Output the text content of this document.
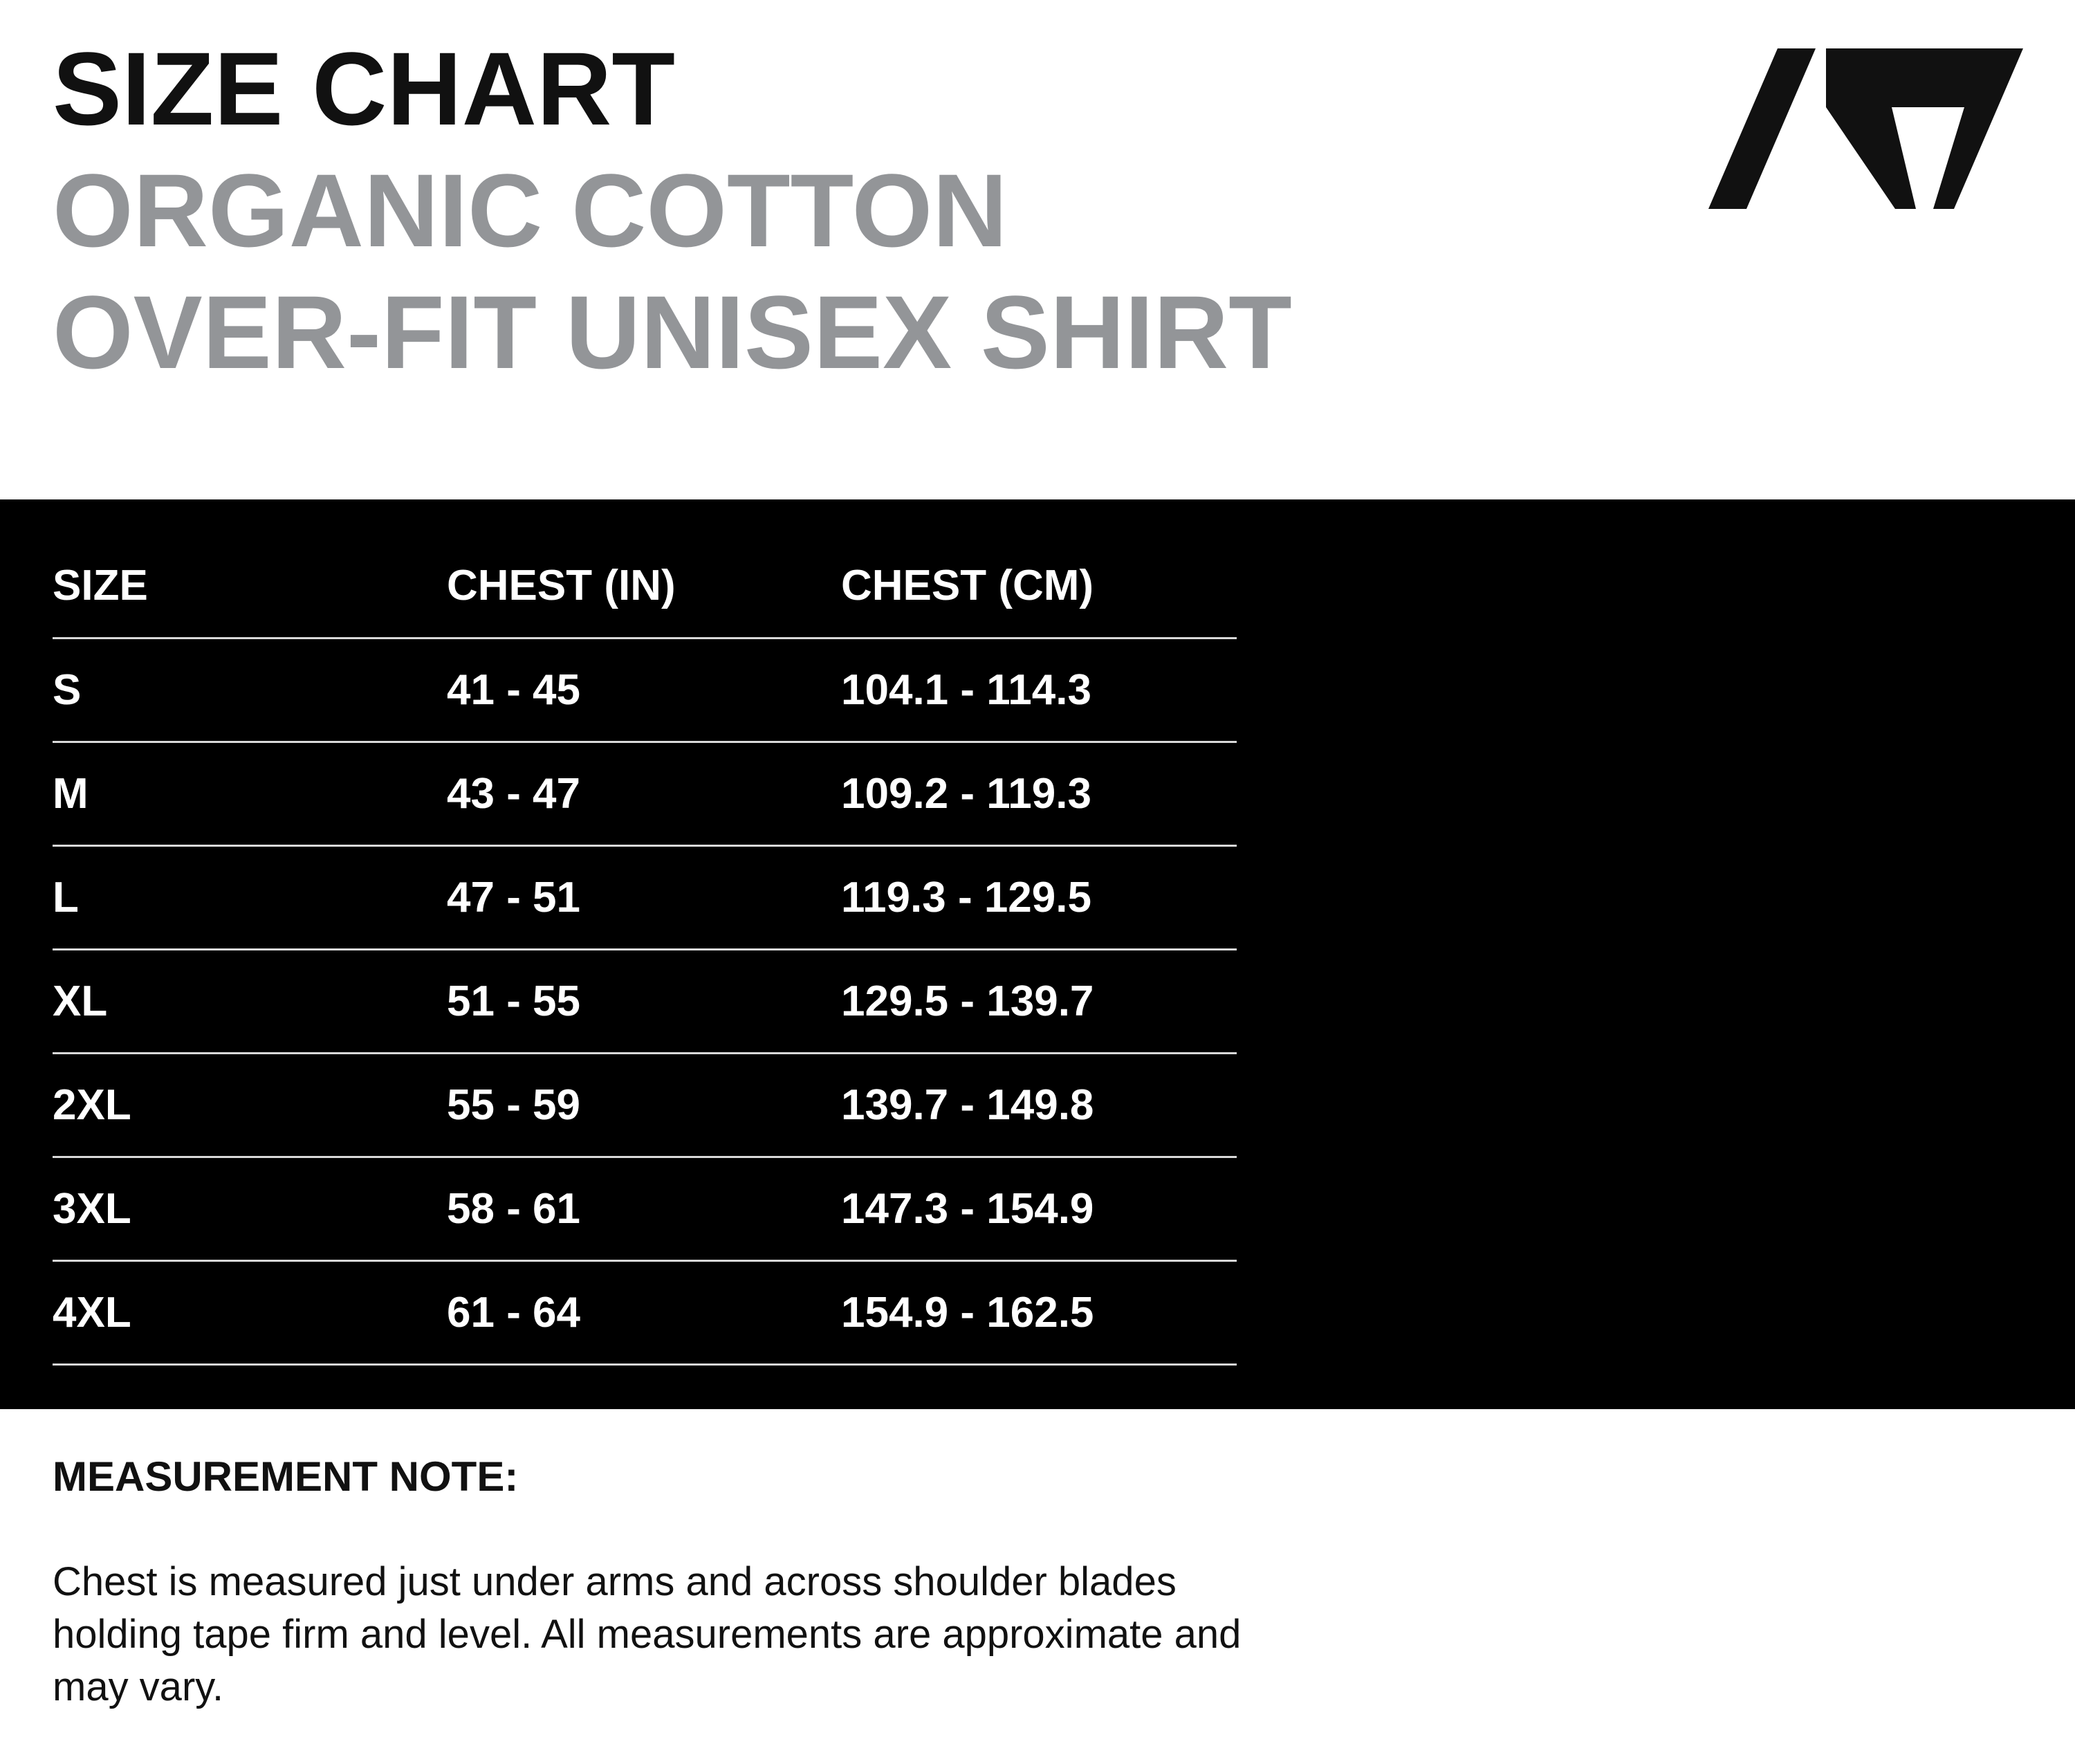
SIZE CHART

ORGANIC COTTON

OVER-FIT UNISEX SHIRT

SIZE	CHEST (IN)	CHEST (CM)
S	41 - 45	104.1 - 114.3
M	43 - 47	109.2 - 119.3
L	47 - 51	119.3 - 129.5
XL	51 - 55	129.5 - 139.7
2XL	55 - 59	139.7 - 149.8
3XL	58 - 61	147.3 - 154.9
4XL	61 - 64	154.9 - 162.5

MEASUREMENT NOTE:

Chest is measured just under arms and across shoulder blades holding tape firm and level. All measurements are approximate and may vary.
